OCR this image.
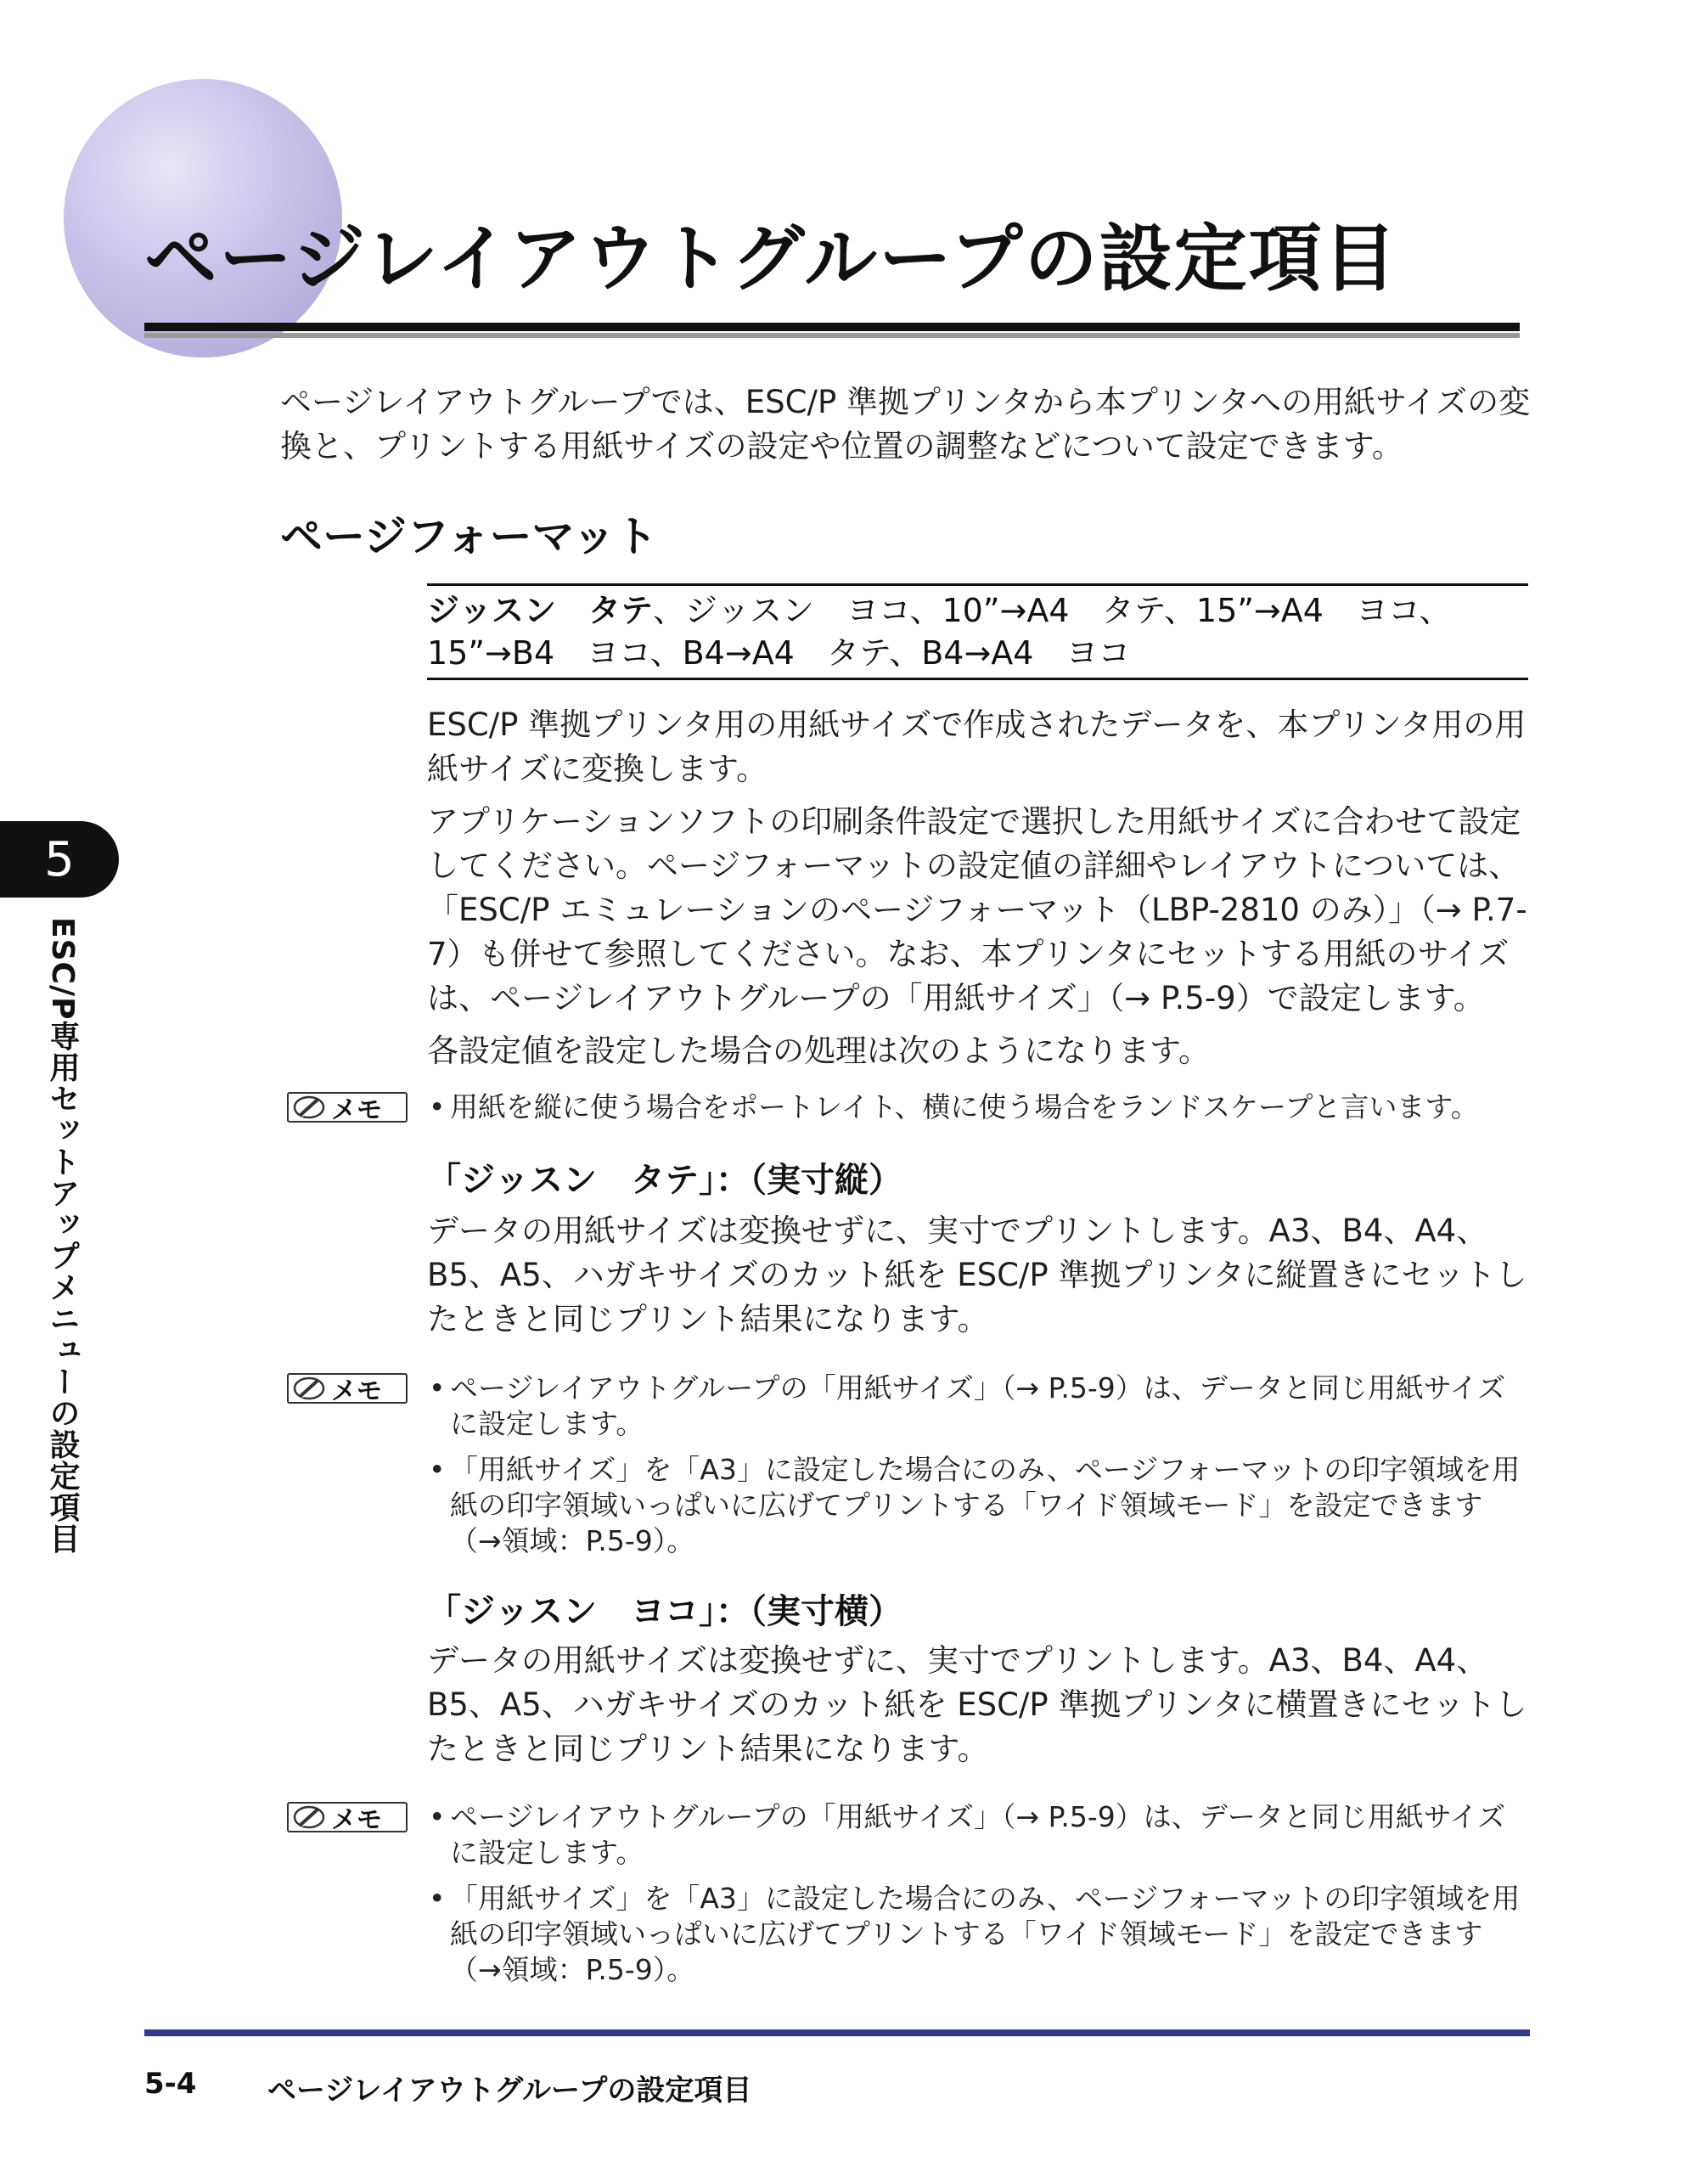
ページレイアウトグループの設定項目
ページレイアウトグループでは、ESC/P 準拠プリンタから本プリンタへの用紙サイズの変換と、プリントする用紙サイズの設定や位置の調整などについて設定できます。
ページフォーマット
ジッスン　タテ、ジッスン　ヨコ、10”→A4　タテ、15”→A4　ヨコ、15”→B4　ヨコ、B4→A4　タテ、B4→A4　ヨコ

ESC/P 準拠プリンタ用の用紙サイズで作成されたデータを、本プリンタ用の用紙サイズに変換します。

アプリケーションソフトの印刷条件設定で選択した用紙サイズに合わせて設定してください。ページフォーマットの設定値の詳細やレイアウトについては、「ESC/P エミュレーションのページフォーマット（LBP-2810 のみ）」（→ P.7-7）も併せて参照してください。なお、本プリンタにセットする用紙のサイズは、ページレイアウトグループの「用紙サイズ」（→ P.5-9）で設定します。

各設定値を設定した場合の処理は次のようになります。

メモ	• 用紙を縦に使う場合をポートレイト、横に使う場合をランドスケープと言います。
「ジッスン　タテ」：（実寸縦）
データの用紙サイズは変換せずに、実寸でプリントします。A3、B4、A4、B5、A5、ハガキサイズのカット紙を ESC/P 準拠プリンタに縦置きにセットしたときと同じプリント結果になります。
メモ	• ページレイアウトグループの「用紙サイズ」（→ P.5-9）は、データと同じ用紙サイズに設定します。
• 「用紙サイズ」を「A3」に設定した場合にのみ、ページフォーマットの印字領域を用紙の印字領域いっぱいに広げてプリントする「ワイド領域モード」を設定できます（→領域：P.5-9）。
「ジッスン　ヨコ」：（実寸横）
データの用紙サイズは変換せずに、実寸でプリントします。A3、B4、A4、B5、A5、ハガキサイズのカット紙を ESC/P 準拠プリンタに横置きにセットしたときと同じプリント結果になります。
メモ	• ページレイアウトグループの「用紙サイズ」（→ P.5-9）は、データと同じ用紙サイズに設定します。
• 「用紙サイズ」を「A3」に設定した場合にのみ、ページフォーマットの印字領域を用紙の印字領域いっぱいに広げてプリントする「ワイド領域モード」を設定できます（→領域：P.5-9）。
5
ESC/P専用セットアップメニューの設定項目
5-4 ページレイアウトグループの設定項目
